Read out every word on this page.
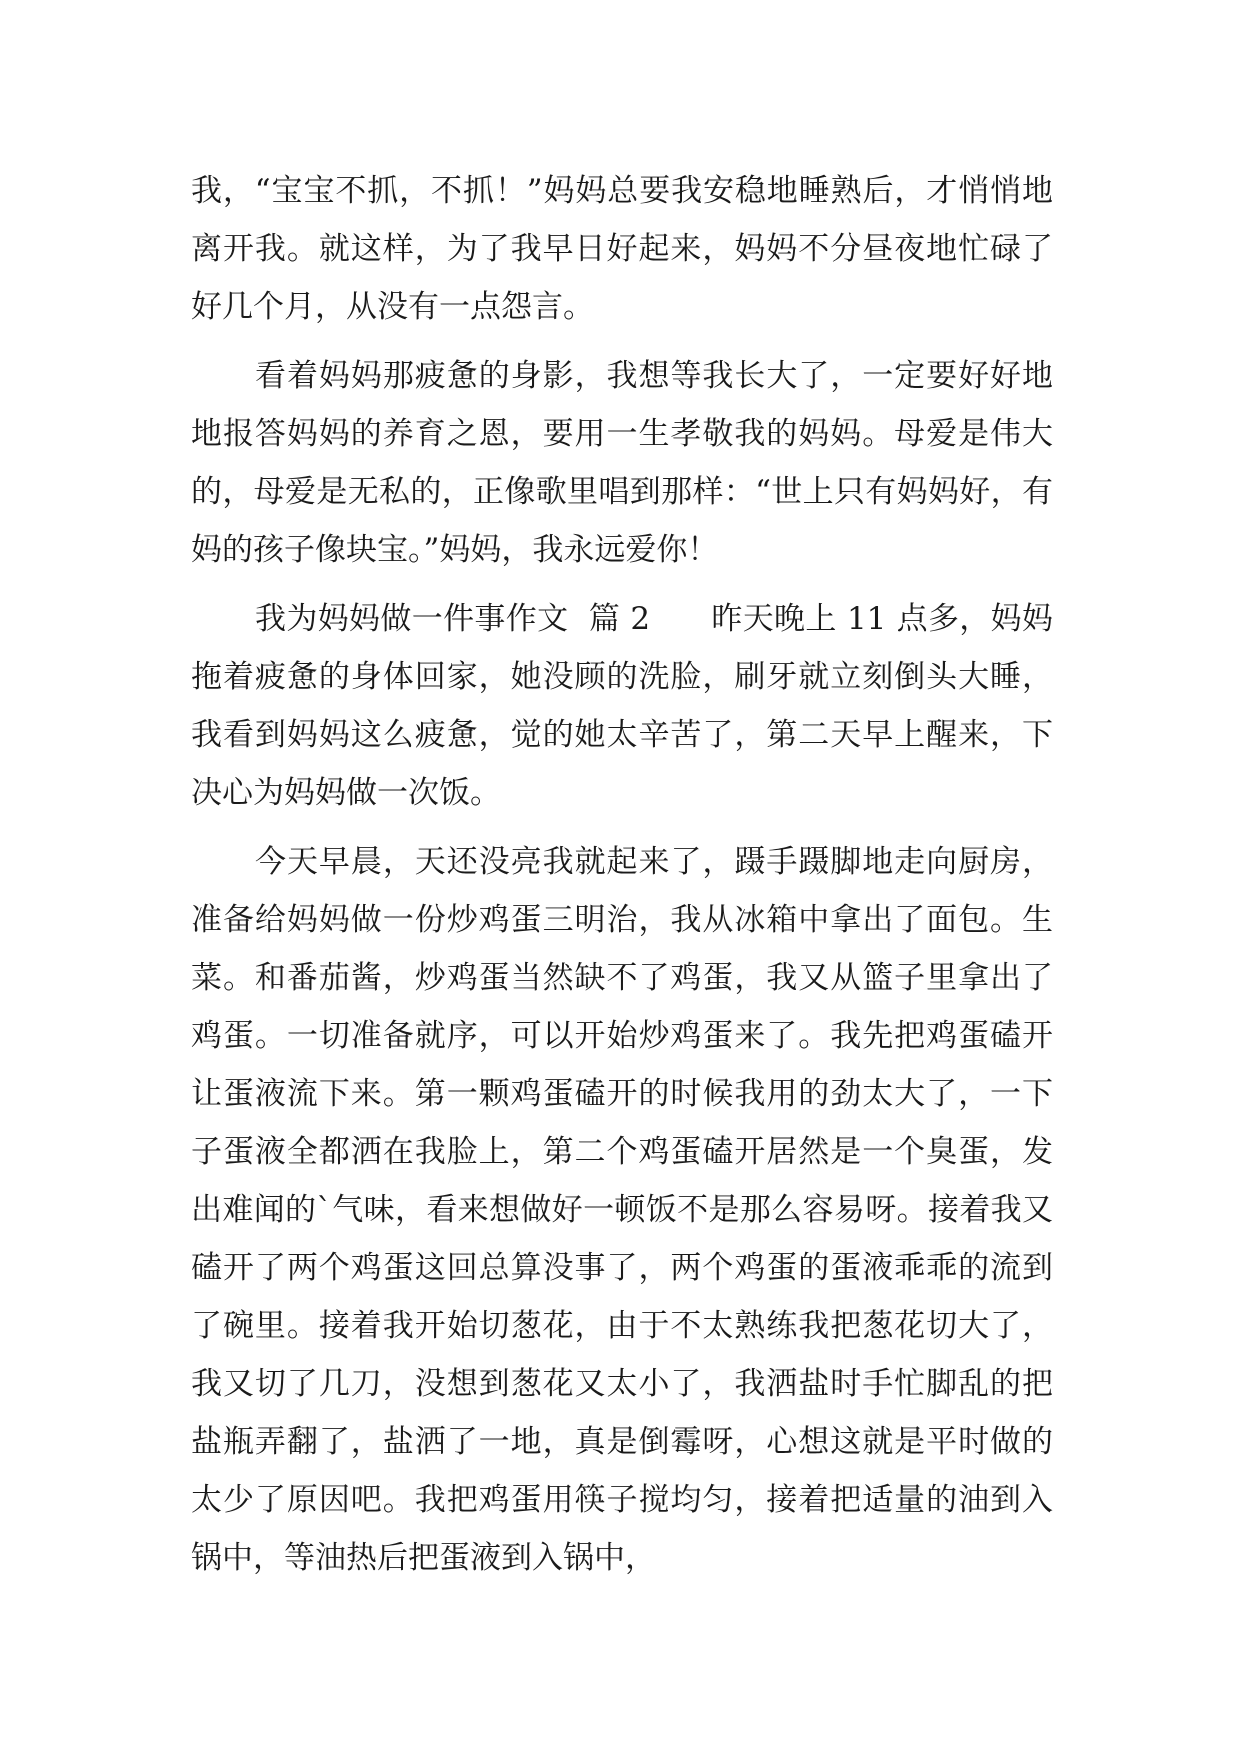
我，“宝宝不抓，不抓！”妈妈总要我安稳地睡熟后，才悄悄地离开我。就这样，为了我早日好起来，妈妈不分昼夜地忙碌了好几个月，从没有一点怨言。

看着妈妈那疲惫的身影，我想等我长大了，一定要好好地地报答妈妈的养育之恩，要用一生孝敬我的妈妈。母爱是伟大的，母爱是无私的，正像歌里唱到那样：“世上只有妈妈好，有妈的孩子像块宝。”妈妈，我永远爱你！

我为妈妈做一件事作文  篇 2      昨天晚上 11 点多，妈妈拖着疲惫的身体回家，她没顾的洗脸，刷牙就立刻倒头大睡，我看到妈妈这么疲惫，觉的她太辛苦了，第二天早上醒来，下决心为妈妈做一次饭。

今天早晨，天还没亮我就起来了，蹑手蹑脚地走向厨房，准备给妈妈做一份炒鸡蛋三明治，我从冰箱中拿出了面包。生菜。和番茄酱，炒鸡蛋当然缺不了鸡蛋，我又从篮子里拿出了鸡蛋。一切准备就序，可以开始炒鸡蛋来了。我先把鸡蛋磕开让蛋液流下来。第一颗鸡蛋磕开的时候我用的劲太大了，一下子蛋液全都洒在我脸上，第二个鸡蛋磕开居然是一个臭蛋，发出难闻的`气味，看来想做好一顿饭不是那么容易呀。接着我又磕开了两个鸡蛋这回总算没事了，两个鸡蛋的蛋液乖乖的流到了碗里。接着我开始切葱花，由于不太熟练我把葱花切大了，我又切了几刀，没想到葱花又太小了，我洒盐时手忙脚乱的把盐瓶弄翻了，盐洒了一地，真是倒霉呀，心想这就是平时做的太少了原因吧。我把鸡蛋用筷子搅均匀，接着把适量的油到入锅中，等油热后把蛋液到入锅中，
